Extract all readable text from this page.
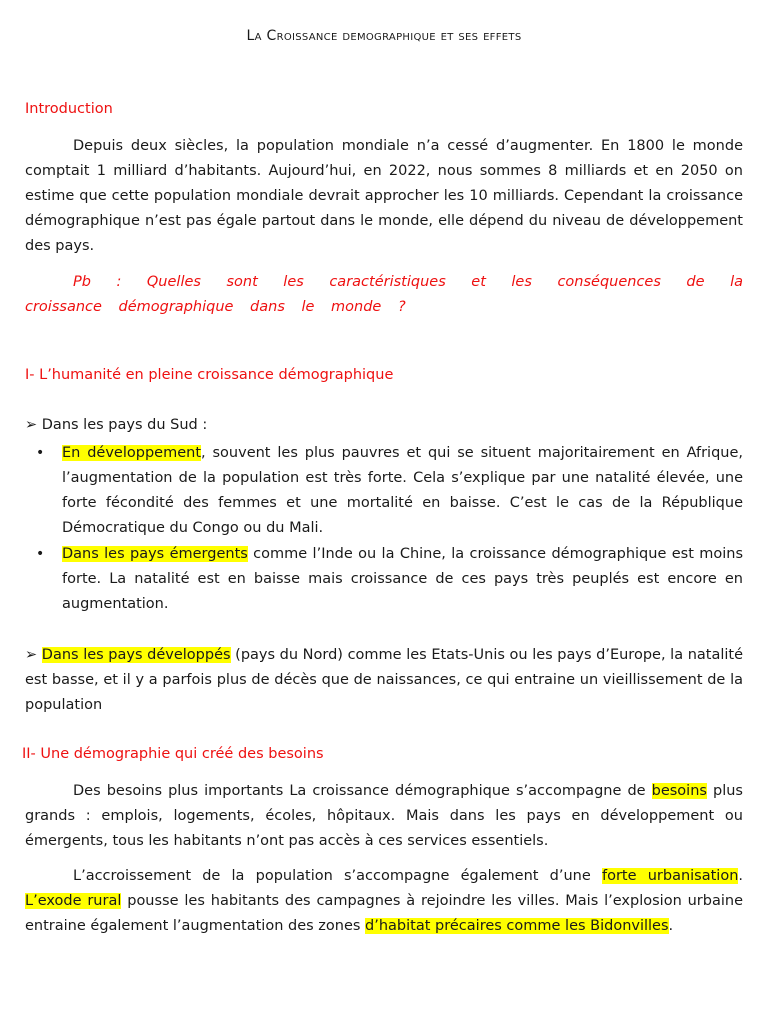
La Croissance demographique et ses effets
Introduction
Depuis deux siècles, la population mondiale n’a cessé d’augmenter. En 1800 le monde comptait 1 milliard d’habitants. Aujourd’hui, en 2022, nous sommes 8 milliards et en 2050 on estime que cette population mondiale devrait approcher les 10 milliards. Cependant la croissance démographique n’est pas égale partout dans le monde, elle dépend du niveau de développement des pays.
Pb : Quelles sont les caractéristiques et les conséquences de la croissance démographique dans le monde ?
I- L’humanité en pleine croissance démographique
➢ Dans les pays du Sud :
• En développement, souvent les plus pauvres et qui se situent majoritairement en Afrique, l’augmentation de la population est très forte. Cela s’explique par une natalité élevée, une forte fécondité des femmes et une mortalité en baisse. C’est le cas de la République Démocratique du Congo ou du Mali.
• Dans les pays émergents comme l’Inde ou la Chine, la croissance démographique est moins forte. La natalité est en baisse mais croissance de ces pays très peuplés est encore en augmentation.
➢ Dans les pays développés (pays du Nord) comme les Etats-Unis ou les pays d’Europe, la natalité est basse, et il y a parfois plus de décès que de naissances, ce qui entraine un vieillissement de la population
II- Une démographie qui créé des besoins
Des besoins plus importants La croissance démographique s’accompagne de besoins plus grands : emplois, logements, écoles, hôpitaux. Mais dans les pays en développement ou émergents, tous les habitants n’ont pas accès à ces services essentiels.
L’accroissement de la population s’accompagne également d’une forte urbanisation. L’exode rural pousse les habitants des campagnes à rejoindre les villes. Mais l’explosion urbaine entraine également l’augmentation des zones d’habitat précaires comme les Bidonvilles.
